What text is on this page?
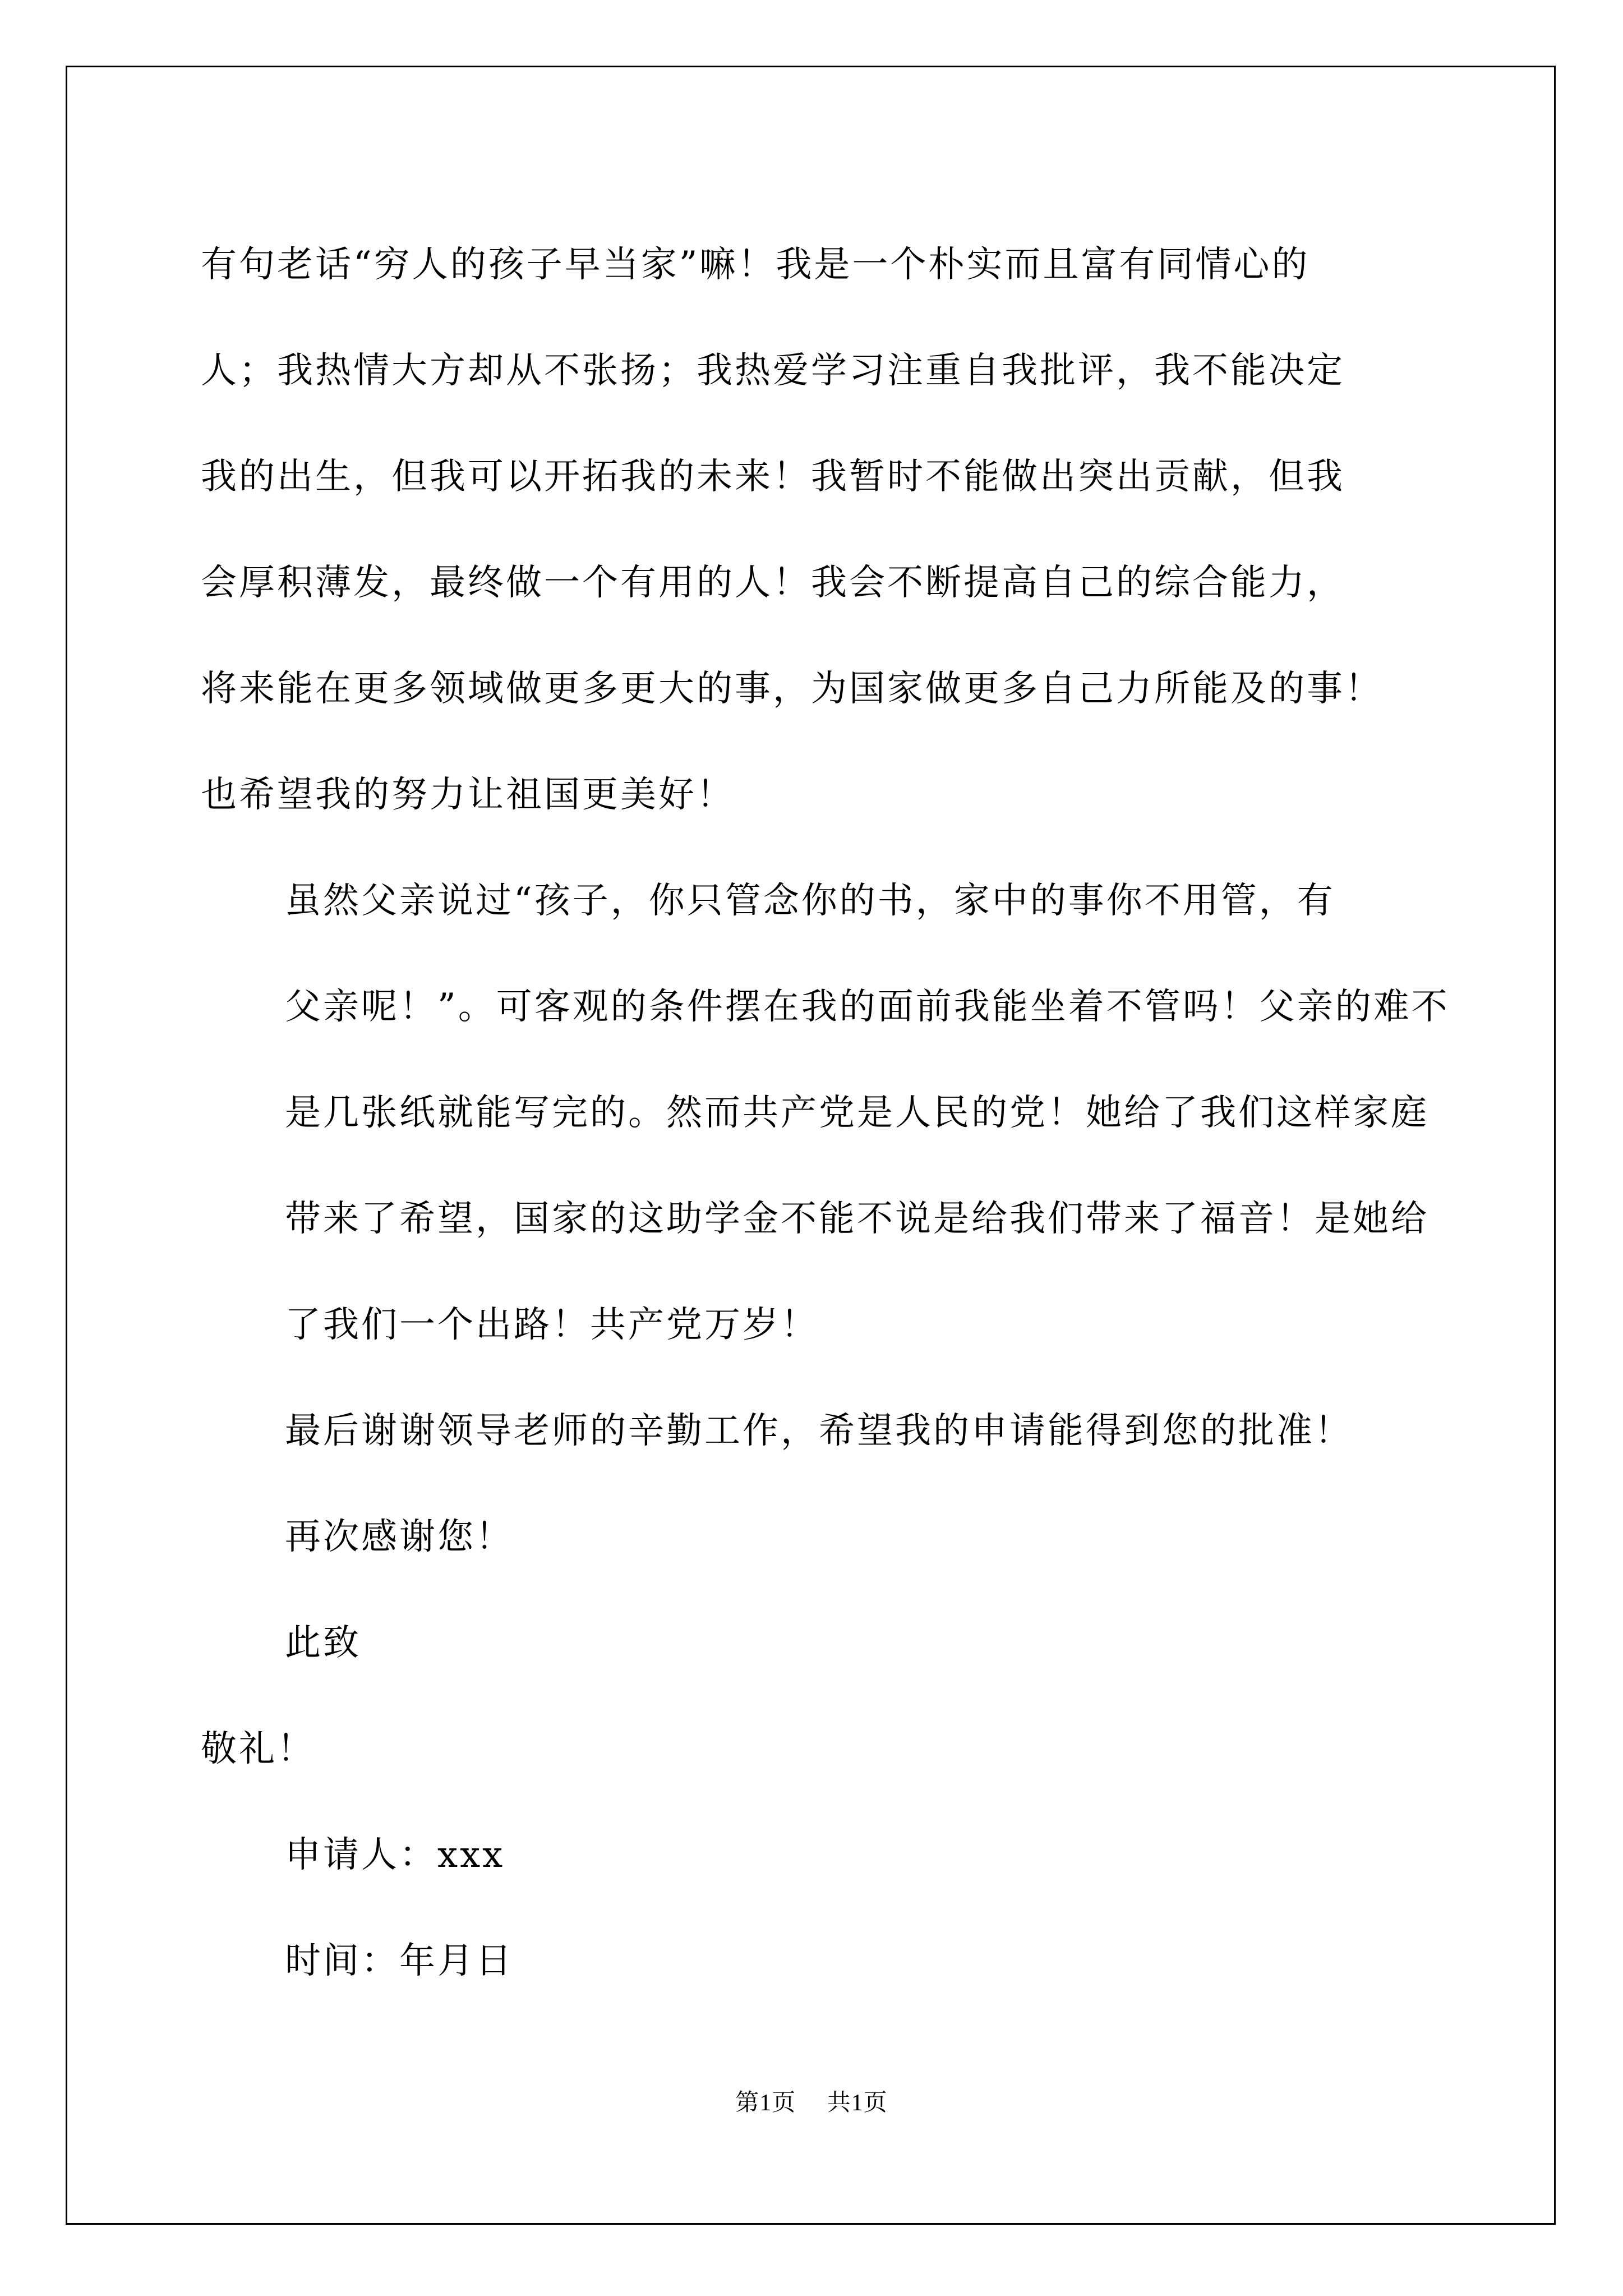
有句老话“穷人的孩子早当家”嘛！我是一个朴实而且富有同情心的
人；我热情大方却从不张扬；我热爱学习注重自我批评，我不能决定
我的出生，但我可以开拓我的未来！我暂时不能做出突出贡献，但我
会厚积薄发，最终做一个有用的人！我会不断提高自己的综合能力，
将来能在更多领域做更多更大的事，为国家做更多自己力所能及的事！
也希望我的努力让祖国更美好！

虽然父亲说过“孩子，你只管念你的书，家中的事你不用管，有
父亲呢！”。可客观的条件摆在我的面前我能坐着不管吗！父亲的难不
是几张纸就能写完的。然而共产党是人民的党！她给了我们这样家庭
带来了希望，国家的这助学金不能不说是给我们带来了福音！是她给
了我们一个出路！共产党万岁！

最后谢谢领导老师的辛勤工作，希望我的申请能得到您的批准！
再次感谢您！

此致

敬礼！

申请人：xxx

时间：年月日

第1页 共1页
